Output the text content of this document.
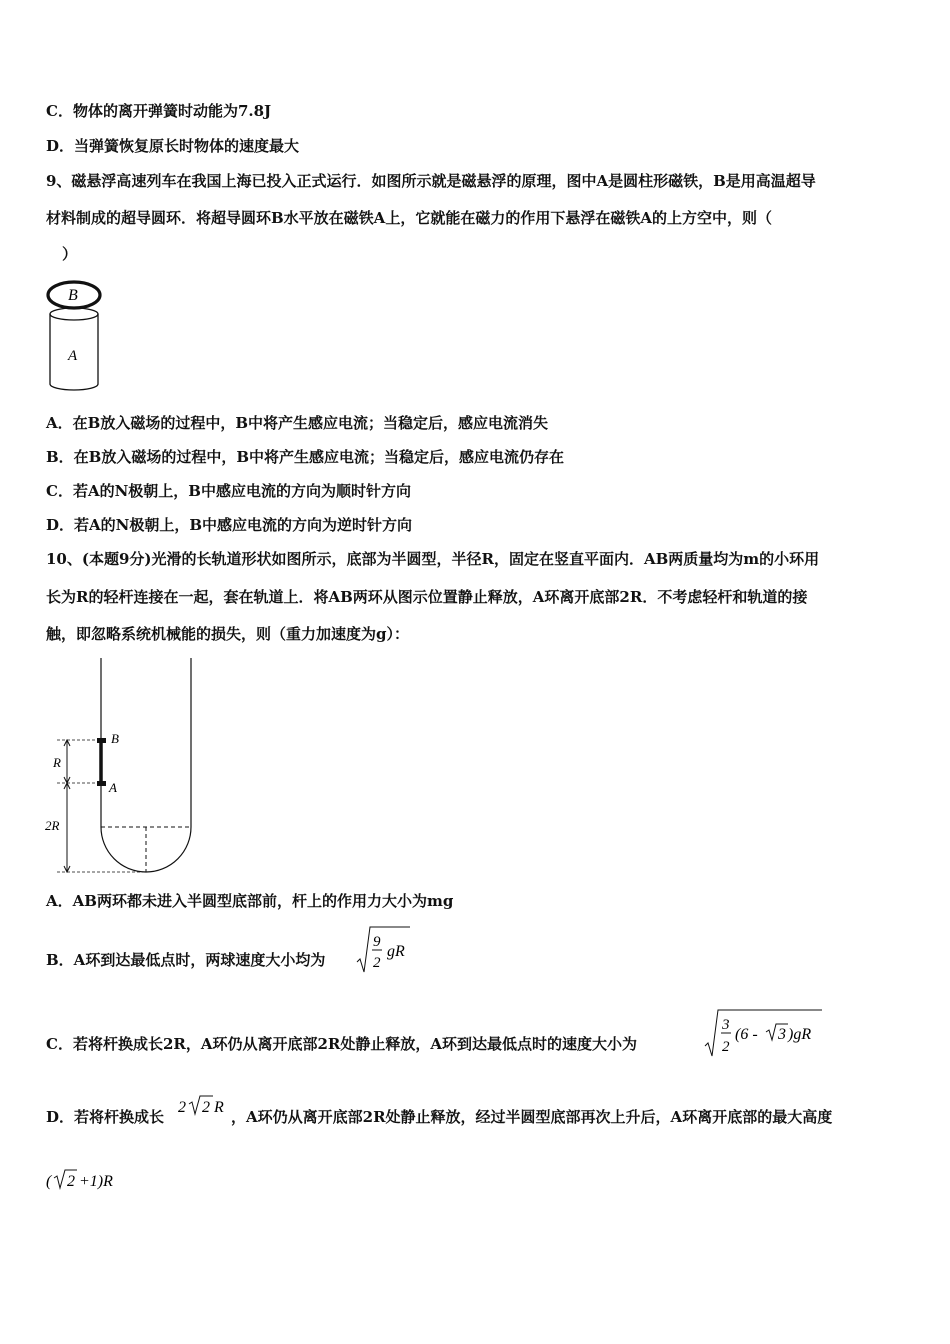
C．物体的离开弹簧时动能为7.8J
D．当弹簧恢复原长时物体的速度最大
9、磁悬浮高速列车在我国上海已投入正式运行．如图所示就是磁悬浮的原理，图中A是圆柱形磁铁，B是用高温超导
材料制成的超导圆环．将超导圆环B水平放在磁铁A上，它就能在磁力的作用下悬浮在磁铁A的上方空中，则（
）
B
A
A．在B放入磁场的过程中，B中将产生感应电流；当稳定后，感应电流消失
B．在B放入磁场的过程中，B中将产生感应电流；当稳定后，感应电流仍存在
C．若A的N极朝上，B中感应电流的方向为顺时针方向
D．若A的N极朝上，B中感应电流的方向为逆时针方向
10、(本题9分)光滑的长轨道形状如图所示，底部为半圆型，半径R，固定在竖直平面内．AB两质量均为m的小环用
长为R的轻杆连接在一起，套在轨道上．将AB两环从图示位置静止释放，A环离开底部2R．不考虑轻杆和轨道的接
触，即忽略系统机械能的损失，则（重力加速度为g）：
B
A
R
2R
A．AB两环都未进入半圆型底部前，杆上的作用力大小为mg
B．A环到达最低点时，两球速度大小均为
9
2
gR
C．若将杆换成长2R，A环仍从离开底部2R处静止释放，A环到达最低点时的速度大小为
3
2
(6 - 3 )gR
D．若将杆换成长	，A环仍从离开底部2R处静止释放，经过半圆型底部再次上升后，A环离开底部的最大高度
2 2 R
( 2 +1)R
